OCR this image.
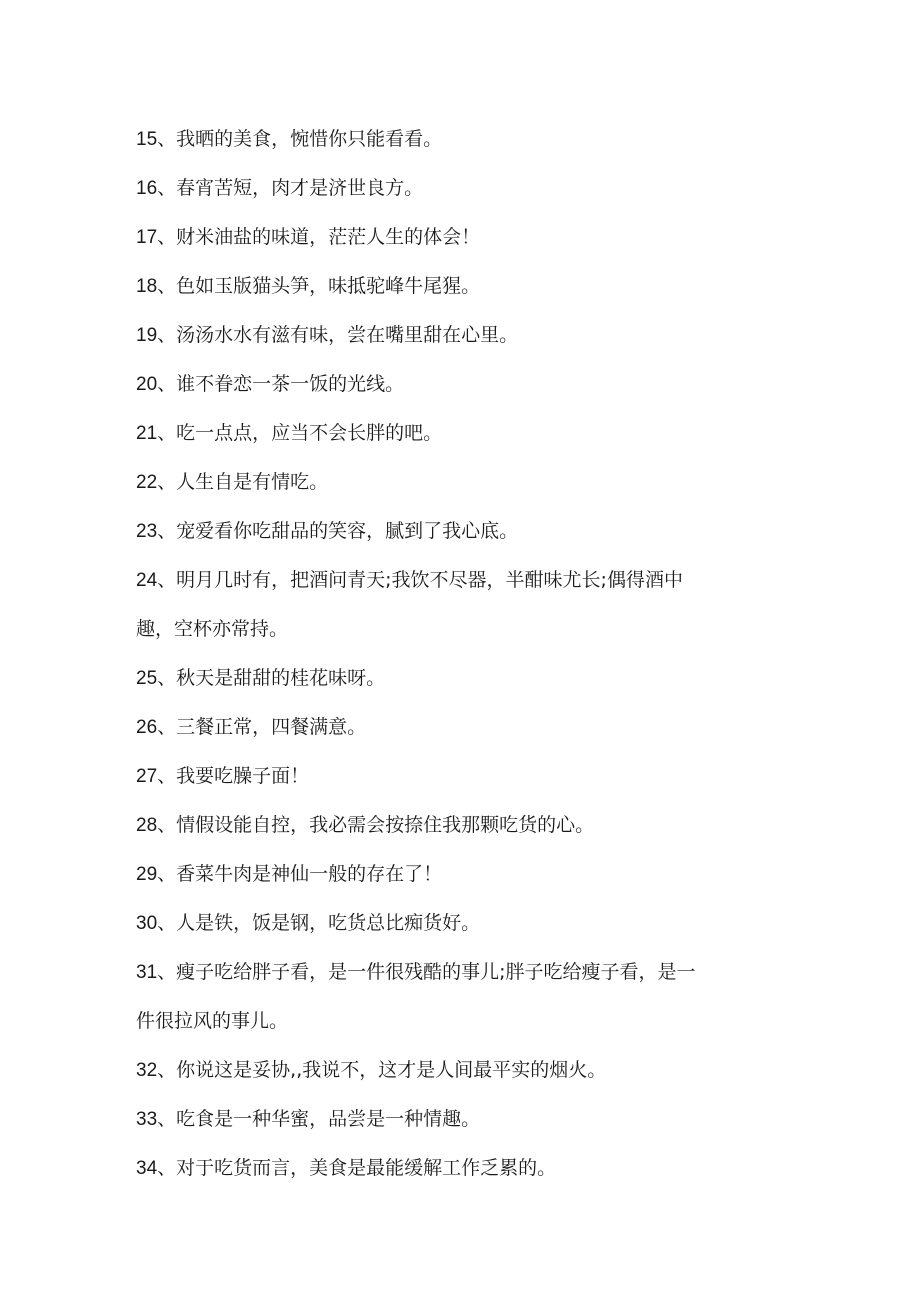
15、我晒的美食，惋惜你只能看看。
16、春宵苦短，肉才是济世良方。
17、财米油盐的味道，茫茫人生的体会！
18、色如玉版猫头笋，味抵驼峰牛尾猩。
19、汤汤水水有滋有味，尝在嘴里甜在心里。
20、谁不眷恋一茶一饭的光线。
21、吃一点点，应当不会长胖的吧。
22、人生自是有情吃。
23、宠爱看你吃甜品的笑容，腻到了我心底。
24、明月几时有，把酒问青天;我饮不尽器，半酣味尤长;偶得酒中
趣，空杯亦常持。
25、秋天是甜甜的桂花味呀。
26、三餐正常，四餐满意。
27、我要吃臊子面！
28、情假设能自控，我必需会按捺住我那颗吃货的心。
29、香菜牛肉是神仙一般的存在了！
30、人是铁，饭是钢，吃货总比痴货好。
31、瘦子吃给胖子看，是一件很残酷的事儿;胖子吃给瘦子看，是一
件很拉风的事儿。
32、你说这是妥协,,我说不，这才是人间最平实的烟火。
33、吃食是一种华蜜，品尝是一种情趣。
34、对于吃货而言，美食是最能缓解工作乏累的。
